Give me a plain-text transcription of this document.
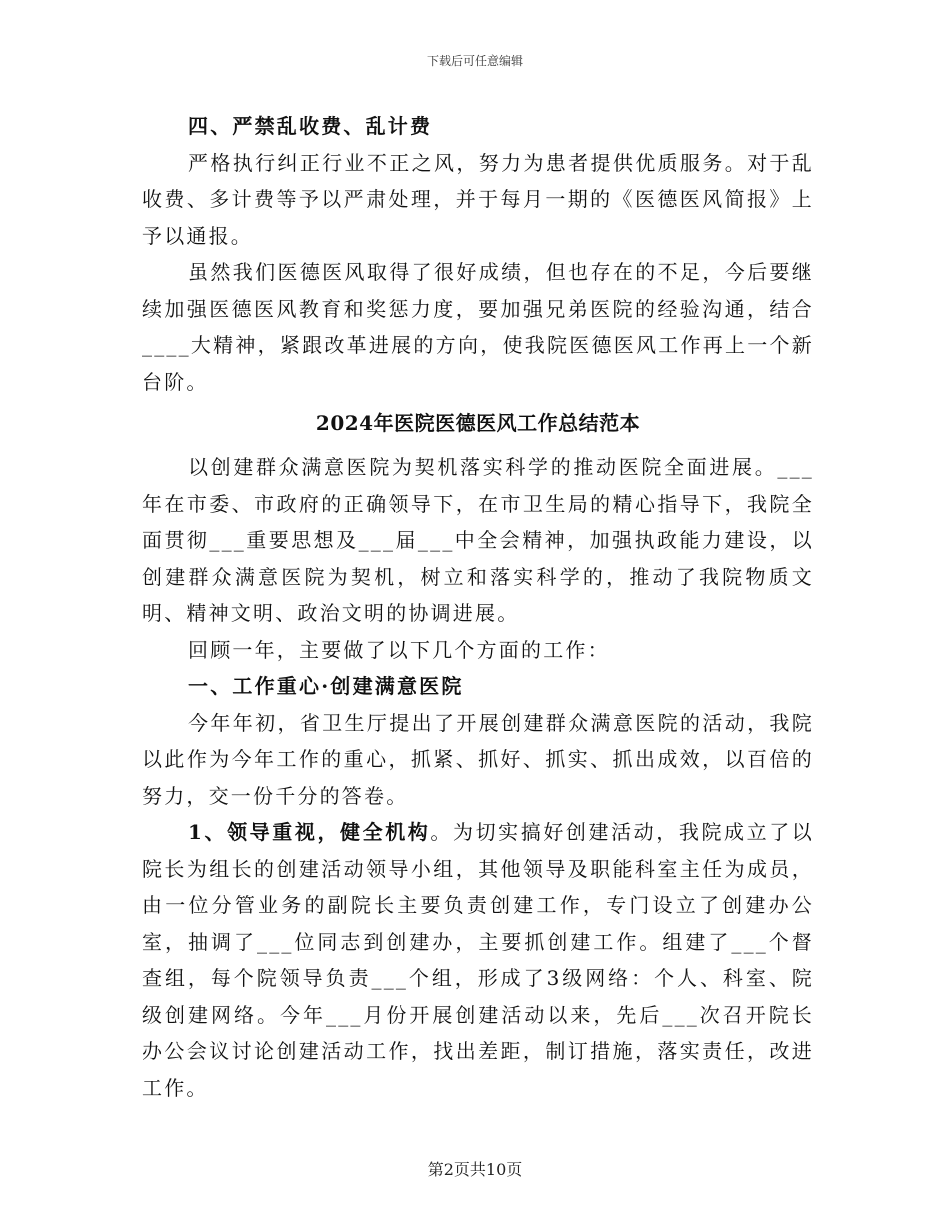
下载后可任意编辑

四、严禁乱收费、乱计费

严格执行纠正行业不正之风，努力为患者提供优质服务。对于乱收费、多计费等予以严肃处理，并于每月一期的《医德医风简报》上予以通报。

虽然我们医德医风取得了很好成绩，但也存在的不足，今后要继续加强医德医风教育和奖惩力度，要加强兄弟医院的经验沟通，结合____大精神，紧跟改革进展的方向，使我院医德医风工作再上一个新台阶。

2024年医院医德医风工作总结范本

以创建群众满意医院为契机落实科学的推动医院全面进展。___年在市委、市政府的正确领导下，在市卫生局的精心指导下，我院全面贯彻___重要思想及___届___中全会精神，加强执政能力建设，以创建群众满意医院为契机，树立和落实科学的，推动了我院物质文明、精神文明、政治文明的协调进展。

回顾一年，主要做了以下几个方面的工作：

一、工作重心·创建满意医院

今年年初，省卫生厅提出了开展创建群众满意医院的活动，我院以此作为今年工作的重心，抓紧、抓好、抓实、抓出成效，以百倍的努力，交一份千分的答卷。

1、领导重视，健全机构。为切实搞好创建活动，我院成立了以院长为组长的创建活动领导小组，其他领导及职能科室主任为成员，由一位分管业务的副院长主要负责创建工作，专门设立了创建办公室，抽调了___位同志到创建办，主要抓创建工作。组建了___个督查组，每个院领导负责___个组，形成了3级网络：个人、科室、院级创建网络。今年___月份开展创建活动以来，先后___次召开院长办公会议讨论创建活动工作，找出差距，制订措施，落实责任，改进工作。

第2页共10页
